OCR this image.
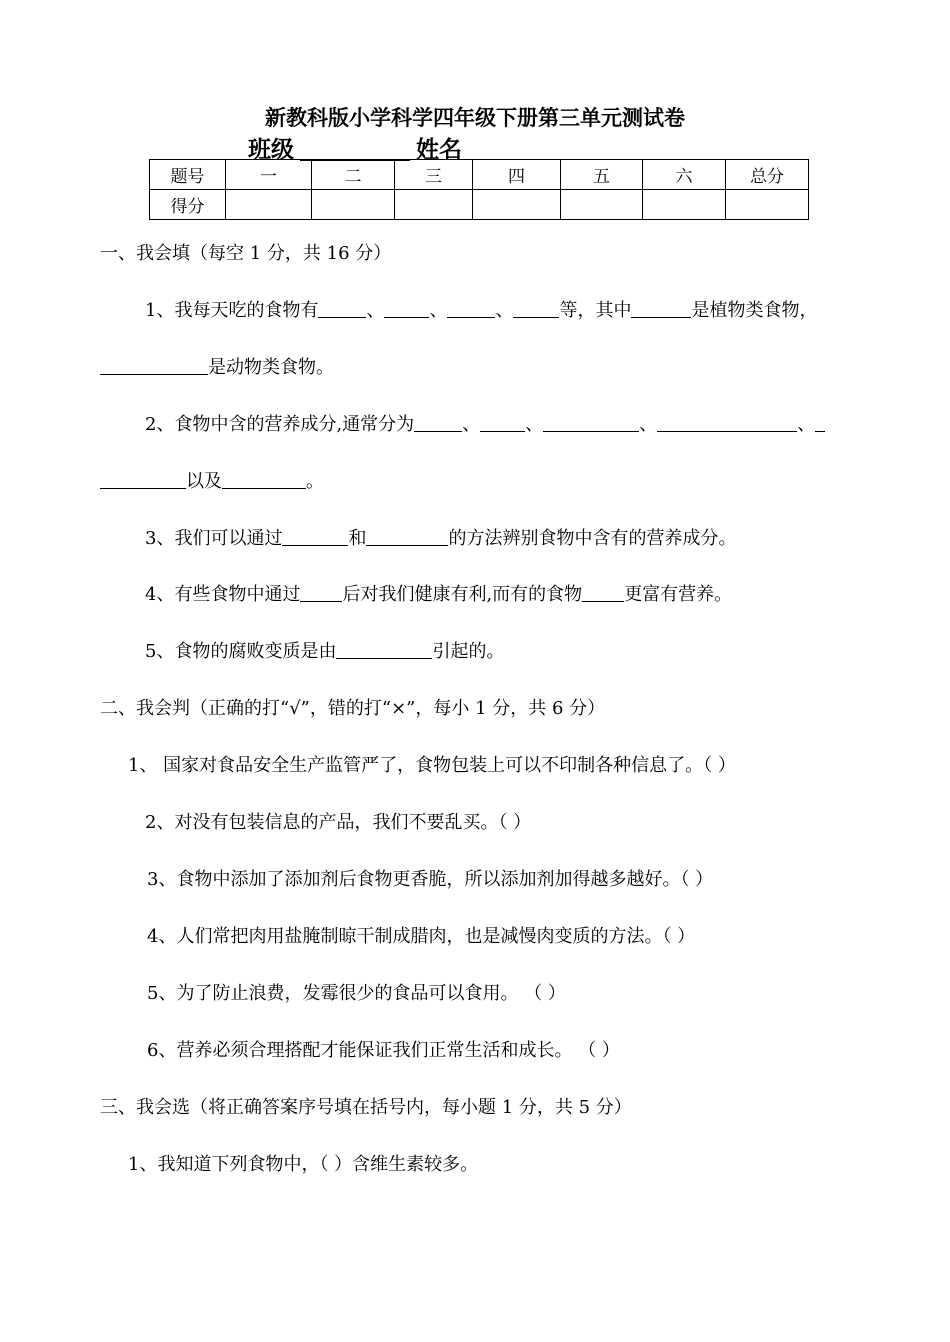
新教科版小学科学四年级下册第三单元测试卷
班级	姓名
题号	一	二	三	四	五	六	总分
得分							
一、我会填（每空 1 分，共 16 分）
1、我每天吃的食物有	、	、	、	等，其中	是植物类食物，
是动物类食物。
2、食物中含的营养成分,通常分为	、	、	、	、
以及	。
3、我们可以通过	和	的方法辨别食物中含有的营养成分。
4、有些食物中通过 后对我们健康有利,而有的食物 更富有营养。
5、食物的腐败变质是由	引起的。
二、我会判（正确的打“√”，错的打“×”，每小 1 分，共 6 分）
1、 国家对食品安全生产监管严了，食物包装上可以不印制各种信息了。（ ）
2、对没有包装信息的产品，我们不要乱买。（ ）
3、食物中添加了添加剂后食物更香脆，所以添加剂加得越多越好。（ ）
4、人们常把肉用盐腌制晾干制成腊肉，也是减慢肉变质的方法。（ ）
5、为了防止浪费，发霉很少的食品可以食用。 （ ）
6、营养必须合理搭配才能保证我们正常生活和成长。 （ ）
三、我会选（将正确答案序号填在括号内，每小题 1 分，共 5 分）
1、我知道下列食物中，（ ）含维生素较多。
